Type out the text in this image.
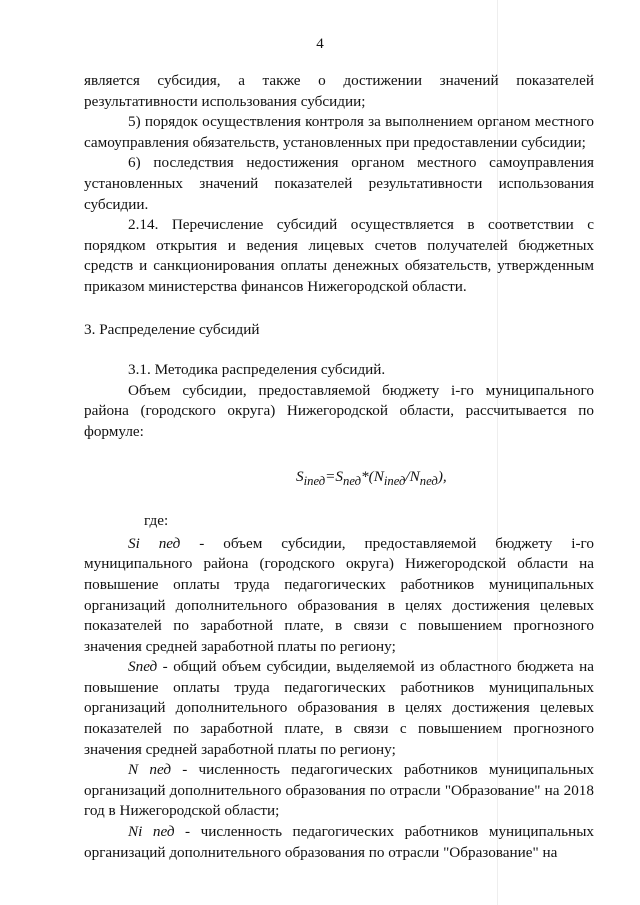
4

является субсидия, а также о достижении значений показателей результативности использования субсидии;

5) порядок осуществления контроля за выполнением органом местного самоуправления обязательств, установленных при предоставлении субсидии;

6) последствия недостижения органом местного самоуправления установленных значений показателей результативности использования субсидии.

2.14. Перечисление субсидий осуществляется в соответствии с порядком открытия и ведения лицевых счетов получателей бюджетных средств и санкционирования оплаты денежных обязательств, утвержденным приказом министерства финансов Нижегородской области.

3. Распределение субсидий

3.1. Методика распределения субсидий.

Объем субсидии, предоставляемой бюджету i-го муниципального района (городского округа) Нижегородской области, рассчитывается по формуле:

$S_{iпед}=S_{пед}*(N_{iпед}/N_{пед})$,

где:

Si пед - объем субсидии, предоставляемой бюджету i-го муниципального района (городского округа) Нижегородской области на повышение оплаты труда педагогических работников муниципальных организаций дополнительного образования в целях достижения целевых показателей по заработной плате, в связи с повышением прогнозного значения средней заработной платы по региону;

Sпед - общий объем субсидии, выделяемой из областного бюджета на повышение оплаты труда педагогических работников муниципальных организаций дополнительного образования в целях достижения целевых показателей по заработной плате, в связи с повышением прогнозного значения средней заработной платы по региону;

N пед - численность педагогических работников муниципальных организаций дополнительного образования по отрасли "Образование" на 2018 год в Нижегородской области;

Ni пед - численность педагогических работников муниципальных организаций дополнительного образования по отрасли "Образование" на
